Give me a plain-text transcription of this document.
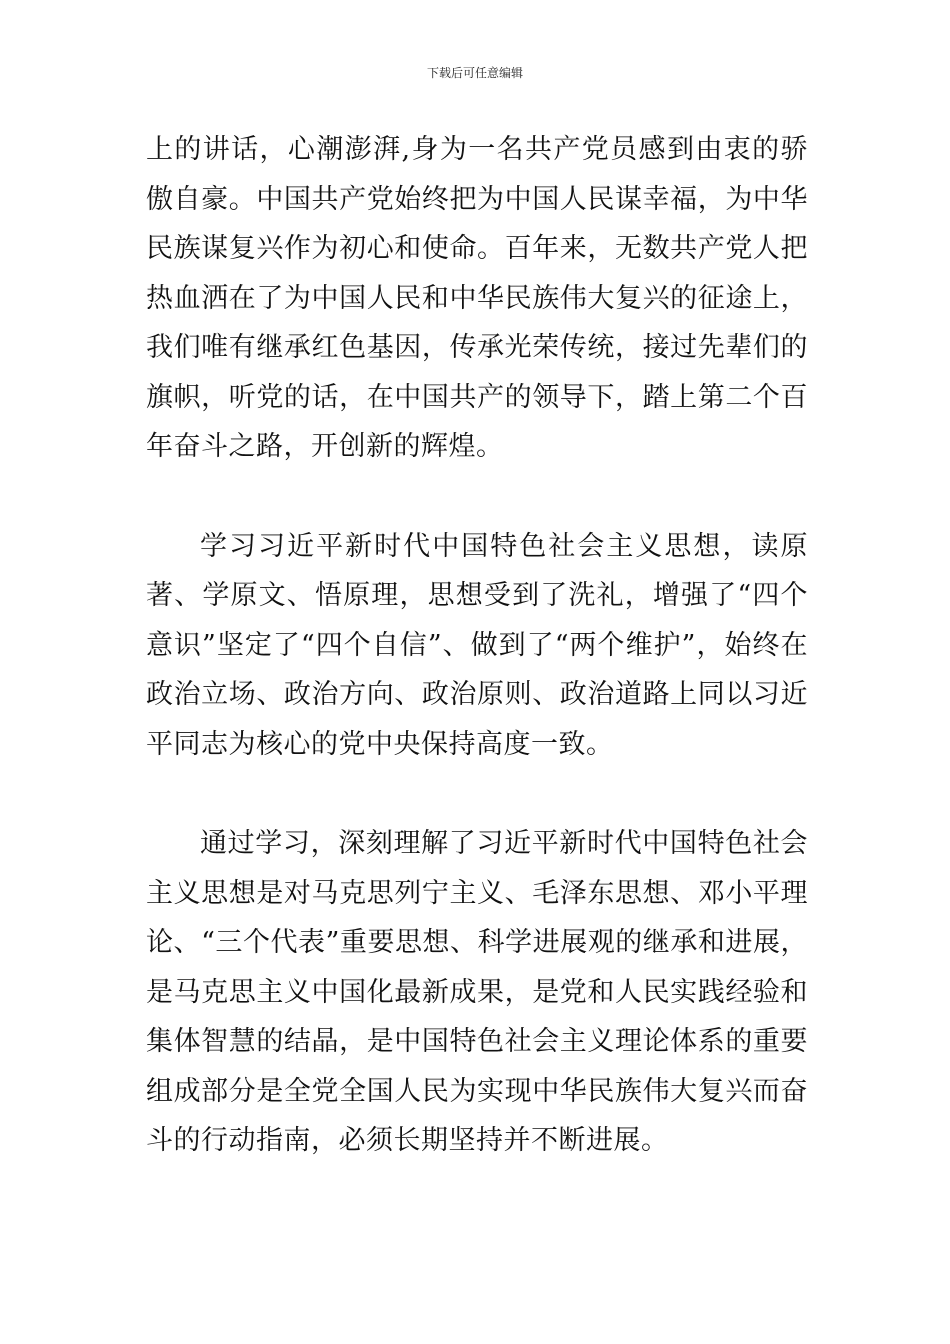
下载后可任意编辑

上的讲话，心潮澎湃,身为一名共产党员感到由衷的骄傲自豪。中国共产党始终把为中国人民谋幸福，为中华民族谋复兴作为初心和使命。百年来，无数共产党人把热血洒在了为中国人民和中华民族伟大复兴的征途上，我们唯有继承红色基因，传承光荣传统，接过先辈们的旗帜，听党的话，在中国共产的领导下，踏上第二个百年奋斗之路，开创新的辉煌。

学习习近平新时代中国特色社会主义思想，读原著、学原文、悟原理，思想受到了洗礼，增强了“四个意识”坚定了“四个自信”、做到了“两个维护”，始终在政治立场、政治方向、政治原则、政治道路上同以习近平同志为核心的党中央保持高度一致。

通过学习，深刻理解了习近平新时代中国特色社会主义思想是对马克思列宁主义、毛泽东思想、邓小平理论、“三个代表”重要思想、科学进展观的继承和进展，是马克思主义中国化最新成果，是党和人民实践经验和集体智慧的结晶，是中国特色社会主义理论体系的重要组成部分是全党全国人民为实现中华民族伟大复兴而奋斗的行动指南，必须长期坚持并不断进展。
